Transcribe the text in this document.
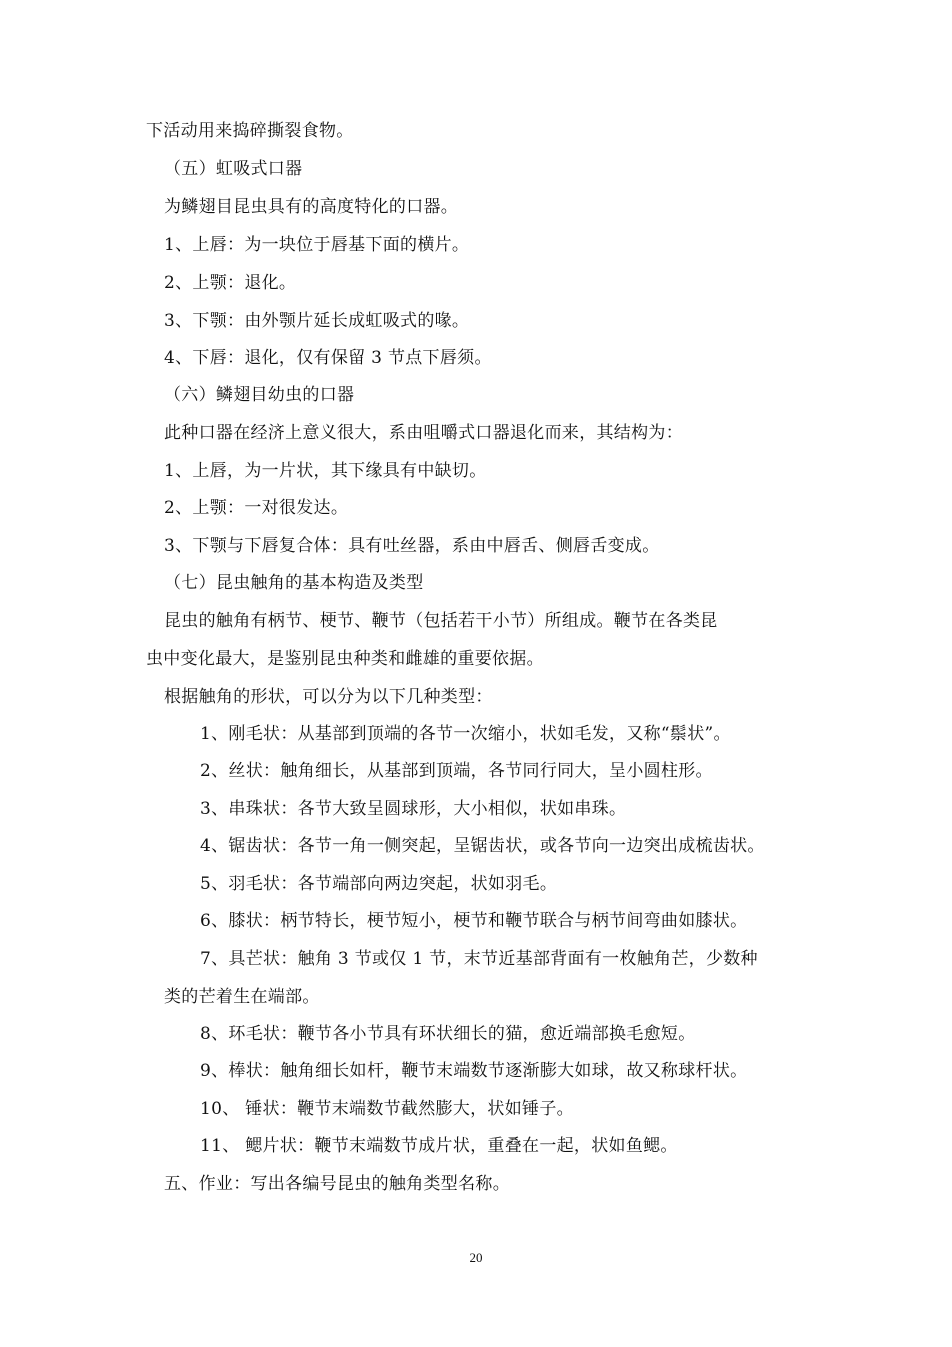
下活动用来捣碎撕裂食物。
（五）虹吸式口器
为鳞翅目昆虫具有的高度特化的口器。
1、上唇：为一块位于唇基下面的横片。
2、上颚：退化。
3、下颚：由外颚片延长成虹吸式的喙。
4、下唇：退化，仅有保留 3 节点下唇须。
（六）鳞翅目幼虫的口器
此种口器在经济上意义很大，系由咀嚼式口器退化而来，其结构为：
1、上唇，为一片状，其下缘具有中缺切。
2、上颚：一对很发达。
3、下颚与下唇复合体：具有吐丝器，系由中唇舌、侧唇舌变成。
（七）昆虫触角的基本构造及类型
昆虫的触角有柄节、梗节、鞭节（包括若干小节）所组成。鞭节在各类昆
虫中变化最大，是鉴别昆虫种类和雌雄的重要依据。
根据触角的形状，可以分为以下几种类型：
1、刚毛状：从基部到顶端的各节一次缩小，状如毛发，又称“鬃状”。
2、丝状：触角细长，从基部到顶端，各节同行同大，呈小圆柱形。
3、串珠状：各节大致呈圆球形，大小相似，状如串珠。
4、锯齿状：各节一角一侧突起，呈锯齿状，或各节向一边突出成梳齿状。
5、羽毛状：各节端部向两边突起，状如羽毛。
6、膝状：柄节特长，梗节短小，梗节和鞭节联合与柄节间弯曲如膝状。
7、具芒状：触角 3 节或仅 1 节，末节近基部背面有一枚触角芒，少数种
类的芒着生在端部。
8、环毛状：鞭节各小节具有环状细长的猫，愈近端部换毛愈短。
9、棒状：触角细长如杆，鞭节末端数节逐渐膨大如球，故又称球杆状。
10、 锤状：鞭节末端数节截然膨大，状如锤子。
11、 鳃片状：鞭节末端数节成片状，重叠在一起，状如鱼鳃。
五、作业：写出各编号昆虫的触角类型名称。
20
